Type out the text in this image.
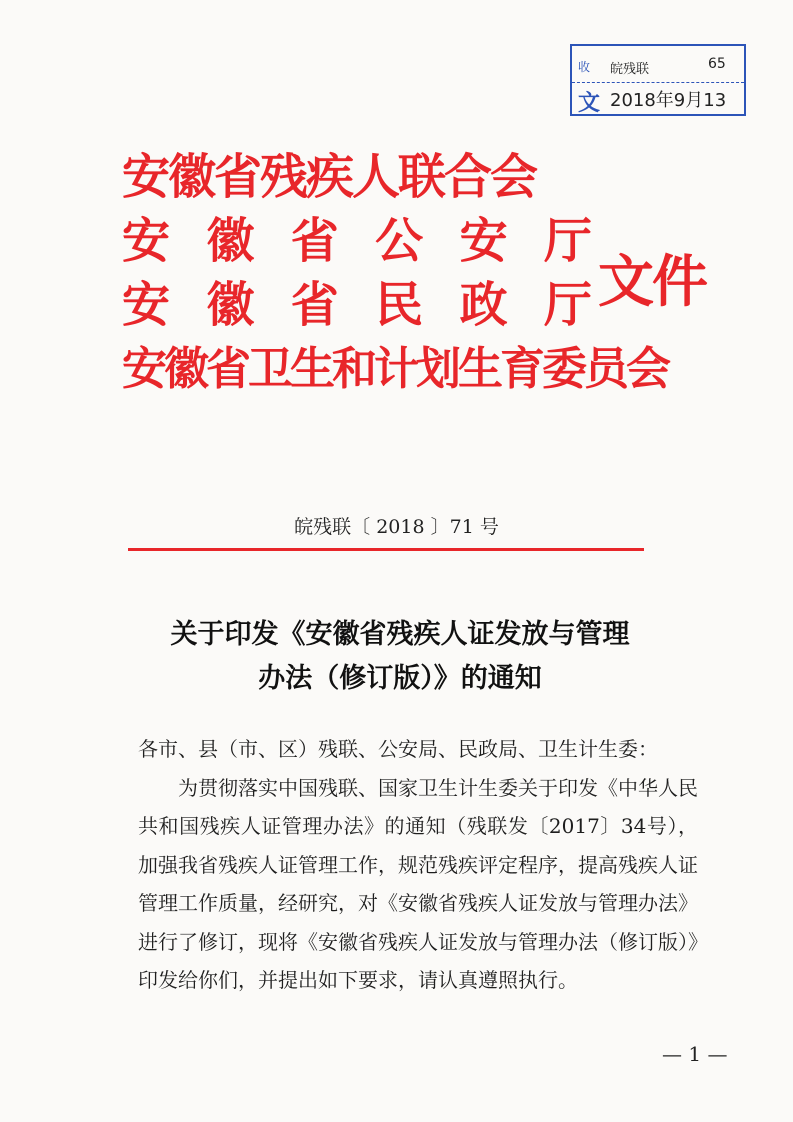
收 皖残联	65
文 2018年9月13
安徽省残疾人联合会
安 徽 省 公 安 厅
安 徽 省 民 政 厅
安徽省卫生和计划生育委员会
文件
皖残联〔 2018 〕71 号
关于印发《安徽省残疾人证发放与管理
办法（修订版）》的通知

各市、县（市、区）残联、公安局、民政局、卫生计生委：

为贯彻落实中国残联、国家卫生计生委关于印发《中华人民共和国残疾人证管理办法》的通知（残联发〔2017〕34号），加强我省残疾人证管理工作，规范残疾评定程序，提高残疾人证管理工作质量，经研究，对《安徽省残疾人证发放与管理办法》进行了修订，现将《安徽省残疾人证发放与管理办法（修订版）》印发给你们，并提出如下要求，请认真遵照执行。

— 1 —
